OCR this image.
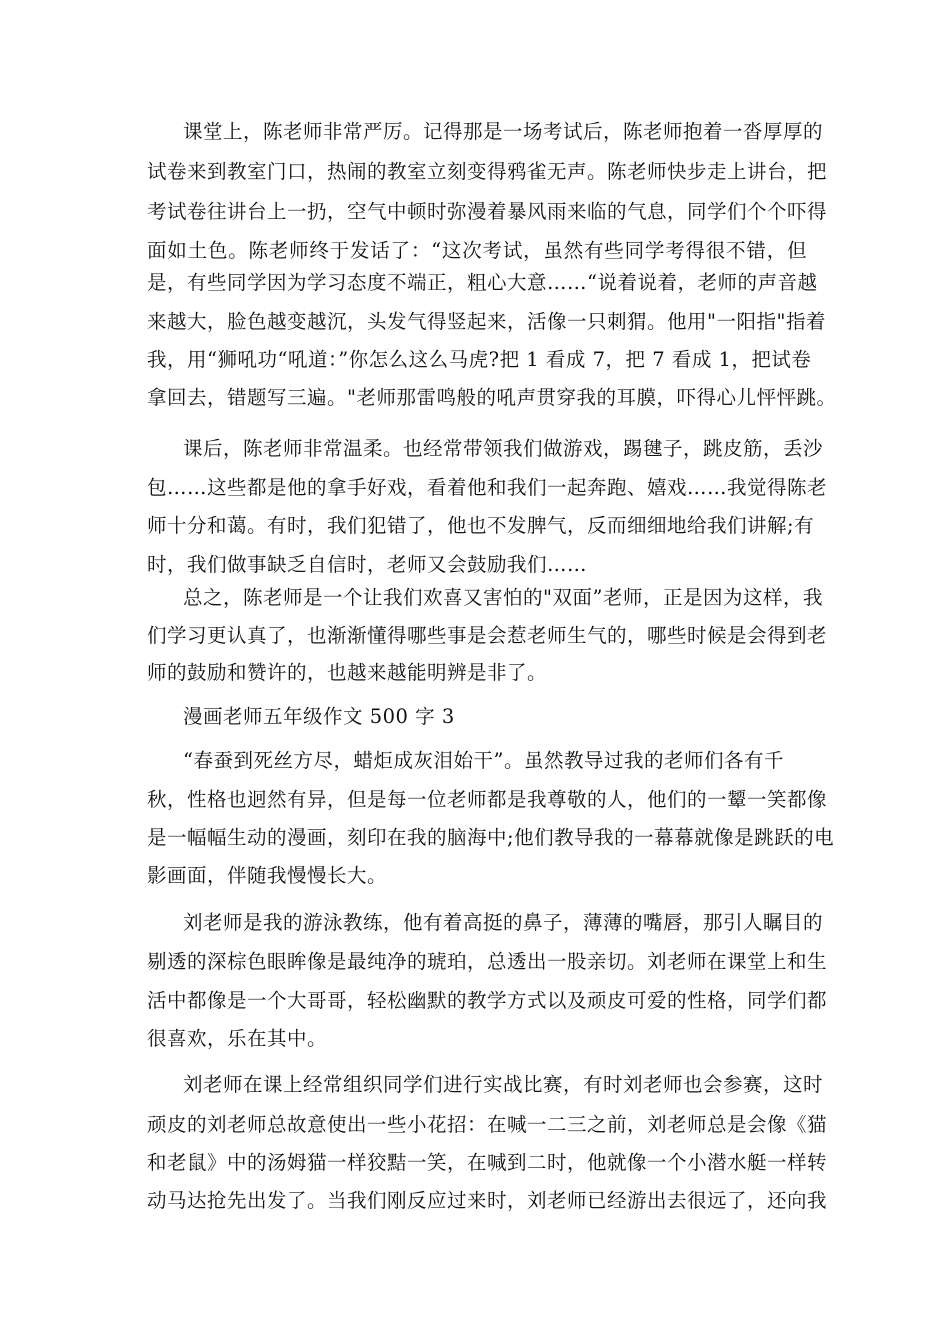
课堂上，陈老师非常严厉。记得那是一场考试后，陈老师抱着一沓厚厚的
试卷来到教室门口，热闹的教室立刻变得鸦雀无声。陈老师快步走上讲台，把
考试卷往讲台上一扔，空气中顿时弥漫着暴风雨来临的气息，同学们个个吓得
面如土色。陈老师终于发话了：“这次考试，虽然有些同学考得很不错，但
是，有些同学因为学习态度不端正，粗心大意……“说着说着，老师的声音越
来越大，脸色越变越沉，头发气得竖起来，活像一只刺猬。他用"一阳指"指着
我，用“狮吼功“吼道：”你怎么这么马虎?把 1 看成 7，把 7 看成 1，把试卷
拿回去，错题写三遍。"老师那雷鸣般的吼声贯穿我的耳膜，吓得心儿怦怦跳。
课后，陈老师非常温柔。也经常带领我们做游戏，踢毽子，跳皮筋，丢沙
包……这些都是他的拿手好戏，看着他和我们一起奔跑、嬉戏……我觉得陈老
师十分和蔼。有时，我们犯错了，他也不发脾气，反而细细地给我们讲解;有
时，我们做事缺乏自信时，老师又会鼓励我们……
总之，陈老师是一个让我们欢喜又害怕的"双面”老师，正是因为这样，我
们学习更认真了，也渐渐懂得哪些事是会惹老师生气的，哪些时候是会得到老
师的鼓励和赞许的，也越来越能明辨是非了。
漫画老师五年级作文 500 字 3
“春蚕到死丝方尽，蜡炬成灰泪始干”。虽然教导过我的老师们各有千
秋，性格也迥然有异，但是每一位老师都是我尊敬的人，他们的一颦一笑都像
是一幅幅生动的漫画，刻印在我的脑海中;他们教导我的一幕幕就像是跳跃的电
影画面，伴随我慢慢长大。
刘老师是我的游泳教练，他有着高挺的鼻子，薄薄的嘴唇，那引人瞩目的
剔透的深棕色眼眸像是最纯净的琥珀，总透出一股亲切。刘老师在课堂上和生
活中都像是一个大哥哥，轻松幽默的教学方式以及顽皮可爱的性格，同学们都
很喜欢，乐在其中。
刘老师在课上经常组织同学们进行实战比赛，有时刘老师也会参赛，这时
顽皮的刘老师总故意使出一些小花招：在喊一二三之前，刘老师总是会像《猫
和老鼠》中的汤姆猫一样狡黠一笑，在喊到二时，他就像一个小潜水艇一样转
动马达抢先出发了。当我们刚反应过来时，刘老师已经游出去很远了，还向我
